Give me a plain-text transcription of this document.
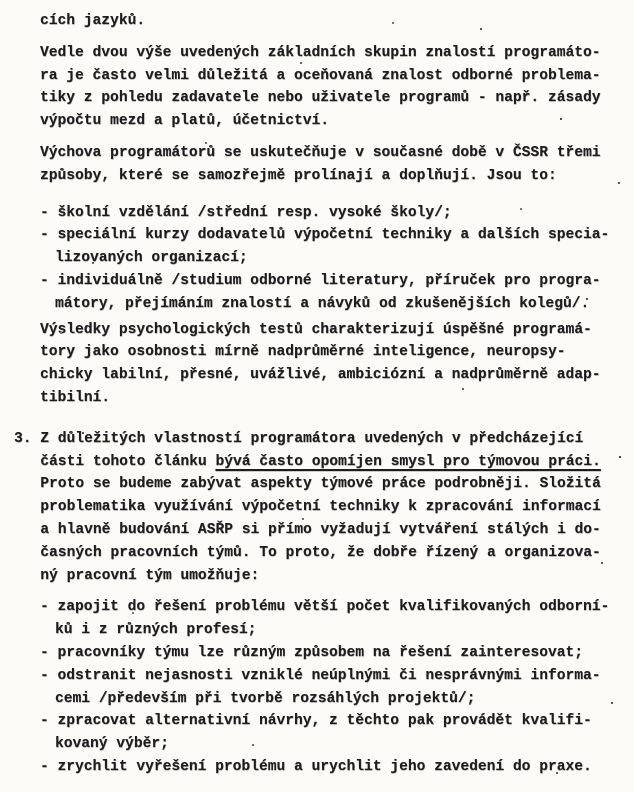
cích jazyků.
Vedle dvou výše uvedených základních skupin znalostí programáto-
ra je často velmi důležitá a oceňovaná znalost odborné problema-
tiky z pohledu zadavatele nebo uživatele programů - např. zásady
výpočtu mezd a platů, účetnictví.
Výchova programátorů se uskutečňuje v současné době v ČSSR třemi
způsoby, které se samozřejmě prolínají a doplňují. Jsou to:
- školní vzdělání /střední resp. vysoké školy/;
- speciální kurzy dodavatelů výpočetní techniky a dalších specia-
lizovaných organizací;
- individuálně /studium odborné literatury, příruček pro progra-
mátory, přejímáním znalostí a návyků od zkušenějších kolegů/.
Výsledky psychologických testů charakterizují úspěšné programá-
tory jako osobnosti mírně nadprůměrné inteligence, neuropsy-
chicky labilní, přesné, uvážlivé, ambiciózní a nadprůměrně adap-
tibilní.
3. Z důležitých vlastností programátora uvedených v předcházející
části tohoto článku bývá často opomíjen smysl pro týmovou práci.
Proto se budeme zabývat aspekty týmové práce podrobněji. Složitá
problematika využívání výpočetní techniky k zpracování informací
a hlavně budování ASŘP si přímo vyžadují vytváření stálých i do-
časných pracovních týmů. To proto, že dobře řízený a organizova-
ný pracovní tým umožňuje:
- zapojit do řešení problému větší počet kvalifikovaných odborní-
ků i z různých profesí;
- pracovníky týmu lze různým způsobem na řešení zainteresovat;
- odstranit nejasnosti vzniklé neúplnými či nesprávnými informa-
cemi /především při tvorbě rozsáhlých projektů/;
- zpracovat alternativní návrhy, z těchto pak provádět kvalifi-
kovaný výběr;
- zrychlit vyřešení problému a urychlit jeho zavedení do praxe.
